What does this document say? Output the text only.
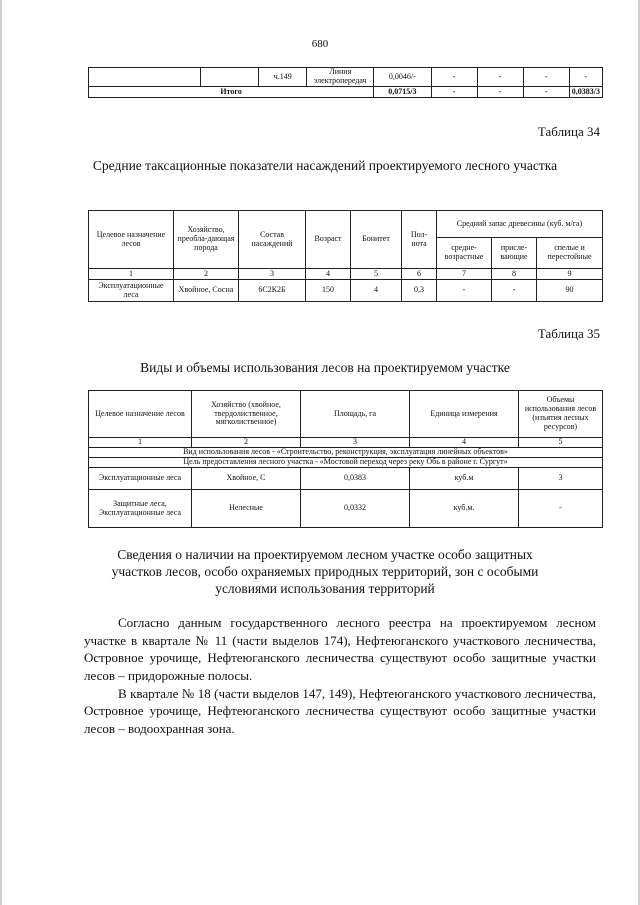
680
		ч.149	Линия электропередач	0,0046/-	-	-	-	-
Итого				0,0715/3	-	-	-	0,0383/3
Таблица 34
Средние таксационные показатели насаждений проектируемого лесного участка
Целевое назначение лесов	Хозяйство, преобла-дающая порода	Состав насаждений	Возраст	Бонитет	Пол-нота	Средний запас древесины (куб. м/га)		
						средне-возрастные	присле-вающие	спелые и перестойные
1	2	3	4	5	6	7	8	9
Эксплуатационные леса	Хвойное, Сосна	6С2К2Б	150	4	0,3	-	-	90
Таблица 35
Виды и объемы использования лесов на проектируемом участке
Целевое назначение лесов	Хозяйство (хвойное, твердолиственное, мягколиственное)	Площадь, га	Единица измерения	Объемы использования лесов (изъятия лесных ресурсов)
1	2	3	4	5
Вид использования лесов - «Строительство, реконструкция, эксплуатация линейных объектов»				
Цель предоставления лесного участка - «Мостовой переход через реку Обь в районе г. Сургут»				
Эксплуатационные леса	Хвойное, С	0,0383	куб.м	3
Защитные леса, Эксплуатационные леса	Нелесные	0,0332	куб.м.	-
Сведения о наличии на проектируемом лесном участке особо защитных участков лесов, особо охраняемых природных территорий, зон с особыми условиями использования территорий

Согласно данным государственного лесного реестра на проектируемом лесном участке в квартале № 11 (части выделов 174), Нефтеюганского участкового лесничества, Островное урочище, Нефтеюганского лесничества существуют особо защитные участки лесов – придорожные полосы.

В квартале № 18 (части выделов 147, 149), Нефтеюганского участкового лесничества, Островное урочище, Нефтеюганского лесничества существуют особо защитные участки лесов – водоохранная зона.
